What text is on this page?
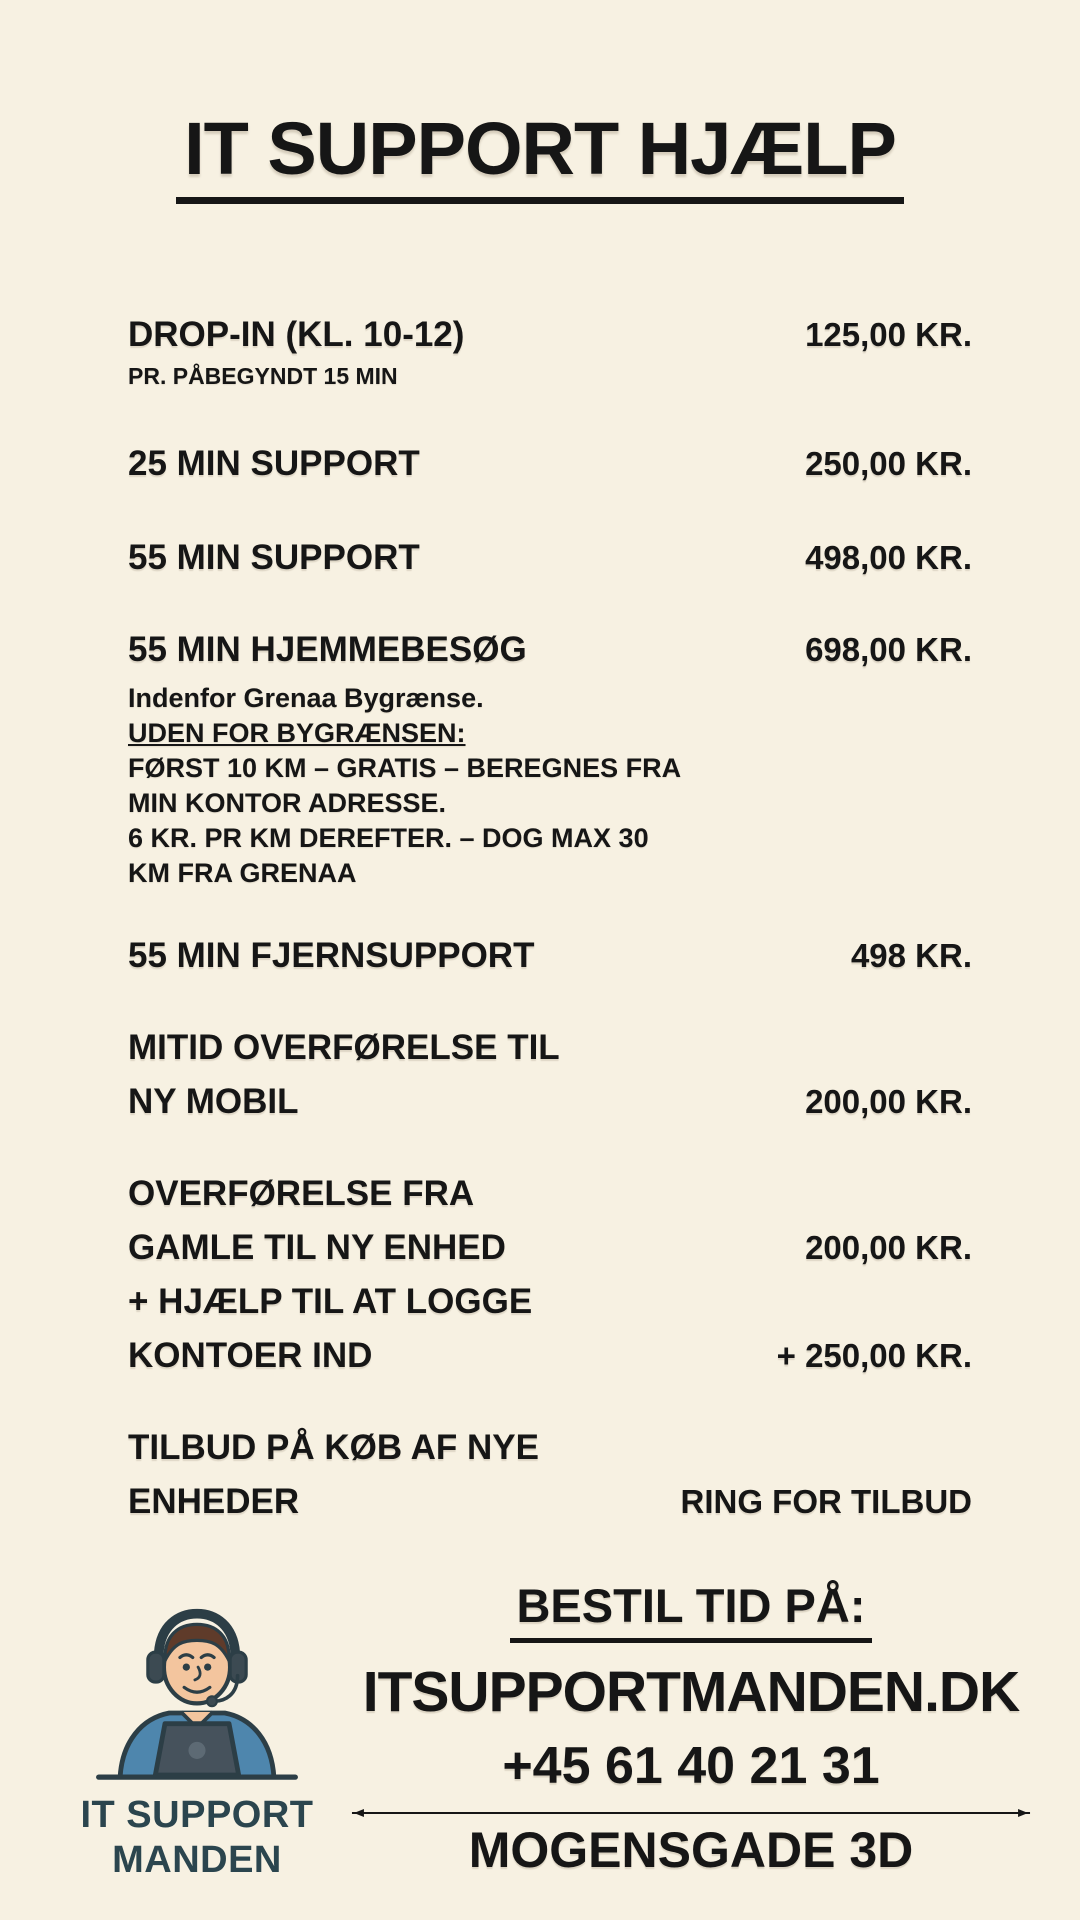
IT SUPPORT HJÆLP
DROP-IN (KL. 10-12)	125,00 KR.
PR. PÅBEGYNDT 15 MIN
25 MIN SUPPORT	250,00 KR.
55 MIN SUPPORT	498,00 KR.
55 MIN HJEMMEBESØG	698,00 KR.
Indenfor Grenaa Bygrænse.
UDEN FOR BYGRÆNSEN:
FØRST 10 KM – GRATIS – BEREGNES FRA
MIN KONTOR ADRESSE.
6 KR. PR KM DEREFTER. – DOG MAX 30
KM FRA GRENAA
55 MIN FJERNSUPPORT	498 KR.
MITID OVERFØRELSE TIL
NY MOBIL	200,00 KR.
OVERFØRELSE FRA
GAMLE TIL NY ENHED	200,00 KR.
+ HJÆLP TIL AT LOGGE
KONTOER IND	+ 250,00 KR.
TILBUD PÅ KØB AF NYE
ENHEDER	RING FOR TILBUD
IT SUPPORT
MANDEN
BESTIL TID PÅ:
ITSUPPORTMANDEN.DK
+45 61 40 21 31
MOGENSGADE 3D
